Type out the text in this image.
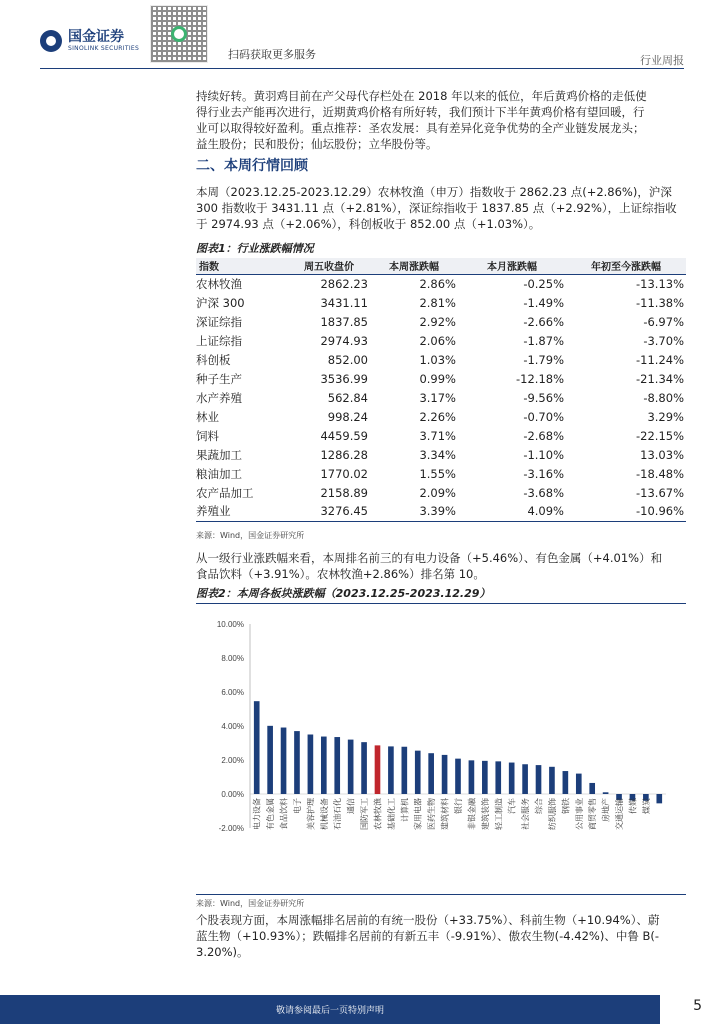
国金证券
SINOLINK SECURITIES	扫码获取更多服务	行业周报
持续好转。黄羽鸡目前在产父母代存栏处在 2018 年以来的低位，年后黄鸡价格的走低使
得行业去产能再次进行，近期黄鸡价格有所好转，我们预计下半年黄鸡价格有望回暖，行
业可以取得较好盈利。重点推荐：圣农发展：具有差异化竞争优势的全产业链发展龙头；
益生股份；民和股份；仙坛股份；立华股份等。
二、本周行情回顾
本周（2023.12.25-2023.12.29）农林牧渔（申万）指数收于 2862.23 点(+2.86%)，沪深
300 指数收于 3431.11 点（+2.81%），深证综指收于 1837.85 点（+2.92%），上证综指收
于 2974.93 点（+2.06%），科创板收于 852.00 点（+1.03%）。
图表1：行业涨跌幅情况
指数	周五收盘价	本周涨跌幅	本月涨跌幅	年初至今涨跌幅
农林牧渔	2862.23	2.86%	-0.25%	-13.13%
沪深 300	3431.11	2.81%	-1.49%	-11.38%
深证综指	1837.85	2.92%	-2.66%	-6.97%
上证综指	2974.93	2.06%	-1.87%	-3.70%
科创板	852.00	1.03%	-1.79%	-11.24%
种子生产	3536.99	0.99%	-12.18%	-21.34%
水产养殖	562.84	3.17%	-9.56%	-8.80%
林业	998.24	2.26%	-0.70%	3.29%
饲料	4459.59	3.71%	-2.68%	-22.15%
果蔬加工	1286.28	3.34%	-1.10%	13.03%
粮油加工	1770.02	1.55%	-3.16%	-18.48%
农产品加工	2158.89	2.09%	-3.68%	-13.67%
养殖业	3276.45	3.39%	4.09%	-10.96%
来源：Wind，国金证券研究所
从一级行业涨跌幅来看，本周排名前三的有电力设备（+5.46%）、有色金属（+4.01%）和
食品饮料（+3.91%）。农林牧渔+2.86%）排名第 10。
图表2：本周各板块涨跌幅（2023.12.25-2023.12.29）
10.00%
8.00%
6.00%
4.00%
2.00%
0.00%
-2.00% 电力设备 有色金属 食品饮料 电子 美容护理 机械设备 石油石化 通信 国防军工 农林牧渔 基础化工 计算机 家用电器 医药生物 建筑材料 银行 非银金融 建筑装饰 轻工制造 汽车 社会服务 综合 纺织服饰 钢铁 公用事业 商贸零售 房地产 交通运输 传媒 煤炭
来源：Wind，国金证券研究所
个股表现方面，本周涨幅排名居前的有统一股份（+33.75%）、科前生物（+10.94%）、蔚
蓝生物（+10.93%）；跌幅排名居前的有新五丰（-9.91%）、傲农生物(-4.42%)、中鲁 B(-
3.20%)。
敬请参阅最后一页特别声明	5
